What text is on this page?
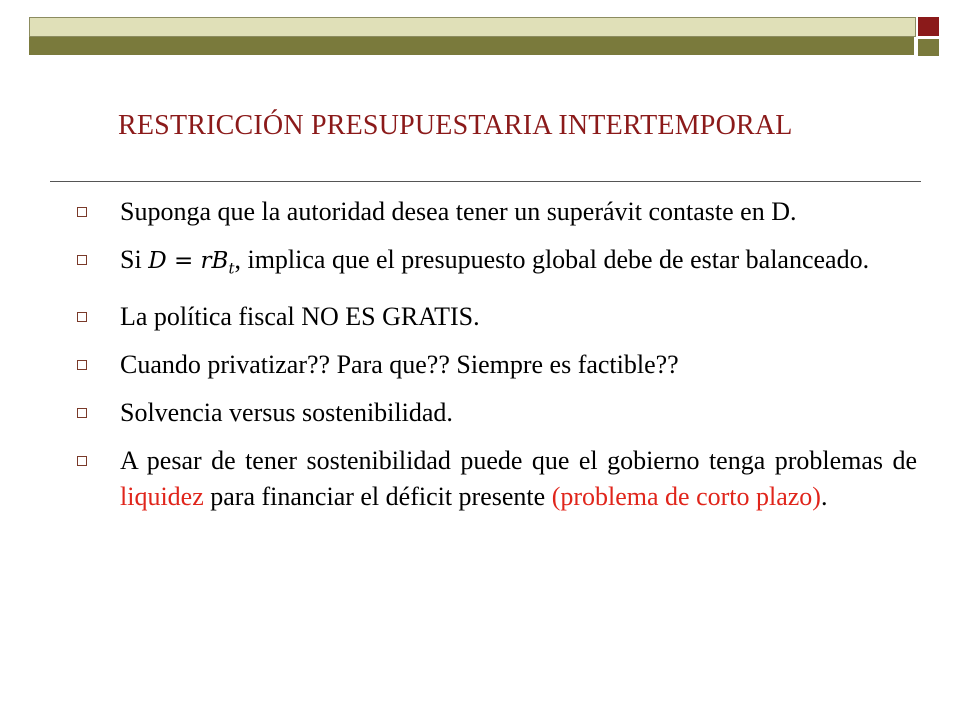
RESTRICCIÓN PRESUPUESTARIA INTERTEMPORAL
Suponga que la autoridad desea tener un superávit contaste en D.
Si $D = rB_t$, implica que el presupuesto global debe de estar balanceado.
La política fiscal NO ES GRATIS.
Cuando privatizar?? Para que?? Siempre es factible??
Solvencia versus sostenibilidad.
A pesar de tener sostenibilidad puede que el gobierno tenga problemas de liquidez para financiar el déficit presente (problema de corto plazo).
